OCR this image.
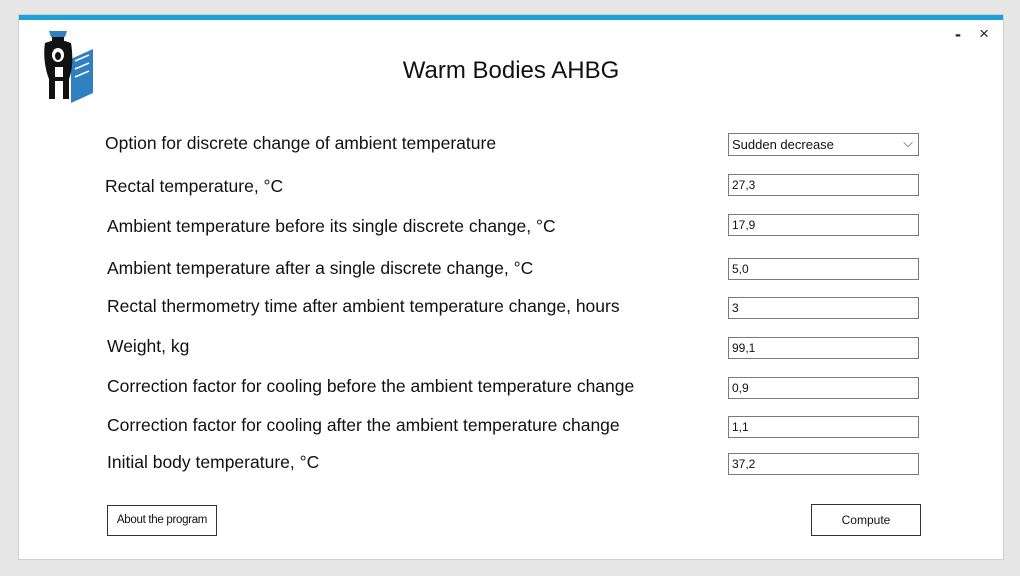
- ×
Warm Bodies AHBG
Option for discrete change of ambient temperature	Sudden decrease	⌵
Rectal temperature, °C	27,3
Ambient temperature before its single discrete change, °C	17,9
Ambient temperature after a single discrete change, °C	5,0
Rectal thermometry time after ambient temperature change, hours	3
Weight, kg	99,1
Correction factor for cooling before the ambient temperature change	0,9
Correction factor for cooling after the ambient temperature change	1,1
Initial body temperature, °C	37,2
About the program	Compute
